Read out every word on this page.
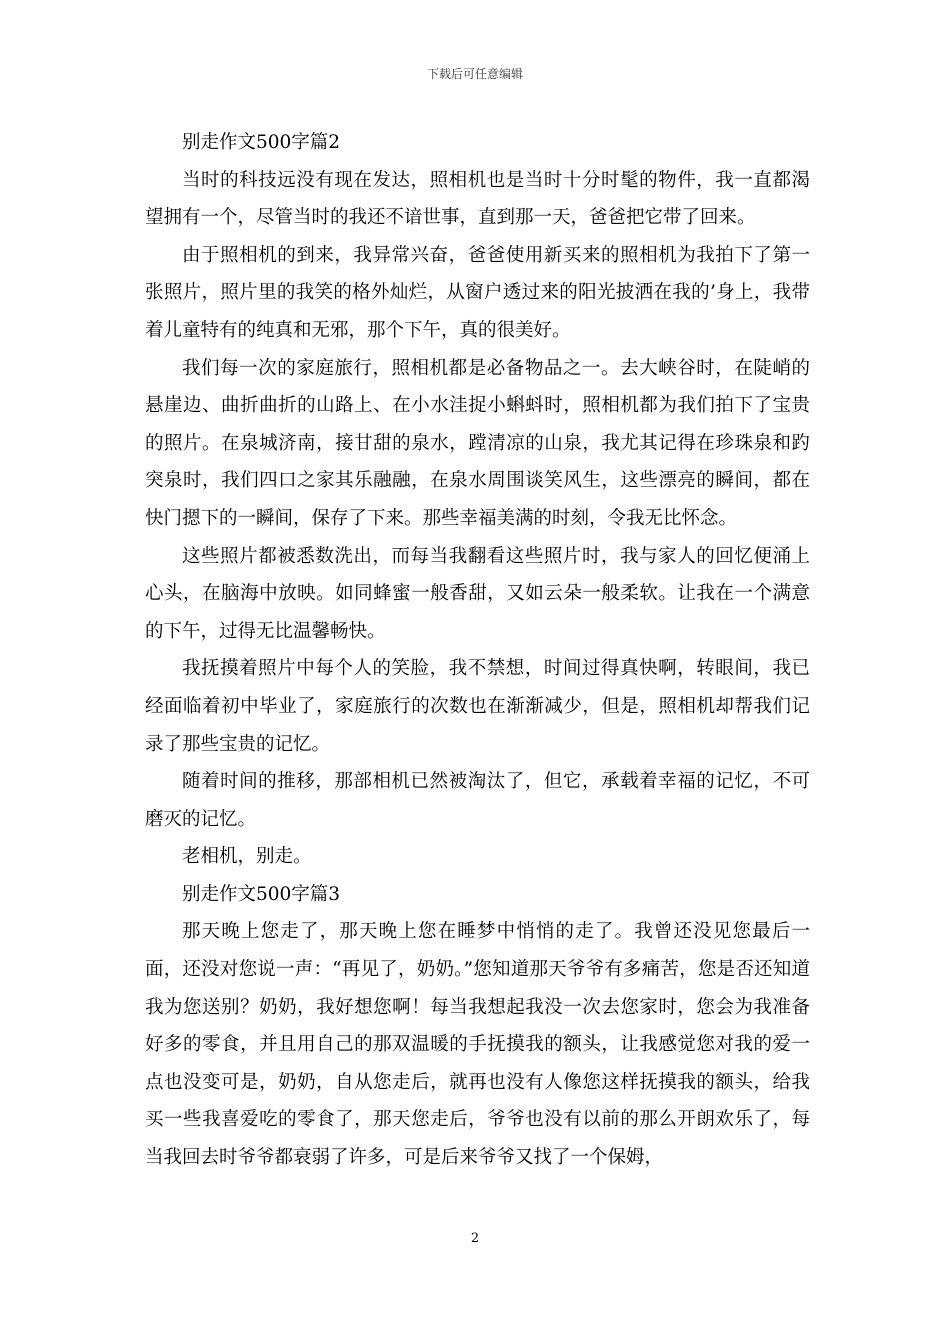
下载后可任意编辑

别走作文500字篇2

当时的科技远没有现在发达，照相机也是当时十分时髦的物件，我一直都渴望拥有一个，尽管当时的我还不谙世事，直到那一天，爸爸把它带了回来。

由于照相机的到来，我异常兴奋，爸爸使用新买来的照相机为我拍下了第一张照片，照片里的我笑的格外灿烂，从窗户透过来的阳光披洒在我的’身上，我带着儿童特有的纯真和无邪，那个下午，真的很美好。

我们每一次的家庭旅行，照相机都是必备物品之一。去大峡谷时，在陡峭的悬崖边、曲折曲折的山路上、在小水洼捉小蝌蚪时，照相机都为我们拍下了宝贵的照片。在泉城济南，接甘甜的泉水，蹚清凉的山泉，我尤其记得在珍珠泉和趵突泉时，我们四口之家其乐融融，在泉水周围谈笑风生，这些漂亮的瞬间，都在快门摁下的一瞬间，保存了下来。那些幸福美满的时刻，令我无比怀念。

这些照片都被悉数洗出，而每当我翻看这些照片时，我与家人的回忆便涌上心头，在脑海中放映。如同蜂蜜一般香甜，又如云朵一般柔软。让我在一个满意的下午，过得无比温馨畅快。

我抚摸着照片中每个人的笑脸，我不禁想，时间过得真快啊，转眼间，我已经面临着初中毕业了，家庭旅行的次数也在渐渐减少，但是，照相机却帮我们记录了那些宝贵的记忆。

随着时间的推移，那部相机已然被淘汰了，但它，承载着幸福的记忆，不可磨灭的记忆。

老相机，别走。

别走作文500字篇3

那天晚上您走了，那天晚上您在睡梦中悄悄的走了。我曾还没见您最后一面，还没对您说一声：“再见了，奶奶。”您知道那天爷爷有多痛苦，您是否还知道我为您送别？奶奶，我好想您啊！每当我想起我没一次去您家时，您会为我准备好多的零食，并且用自己的那双温暖的手抚摸我的额头，让我感觉您对我的爱一点也没变可是，奶奶，自从您走后，就再也没有人像您这样抚摸我的额头，给我买一些我喜爱吃的零食了，那天您走后，爷爷也没有以前的那么开朗欢乐了，每当我回去时爷爷都衰弱了许多，可是后来爷爷又找了一个保姆，

2
